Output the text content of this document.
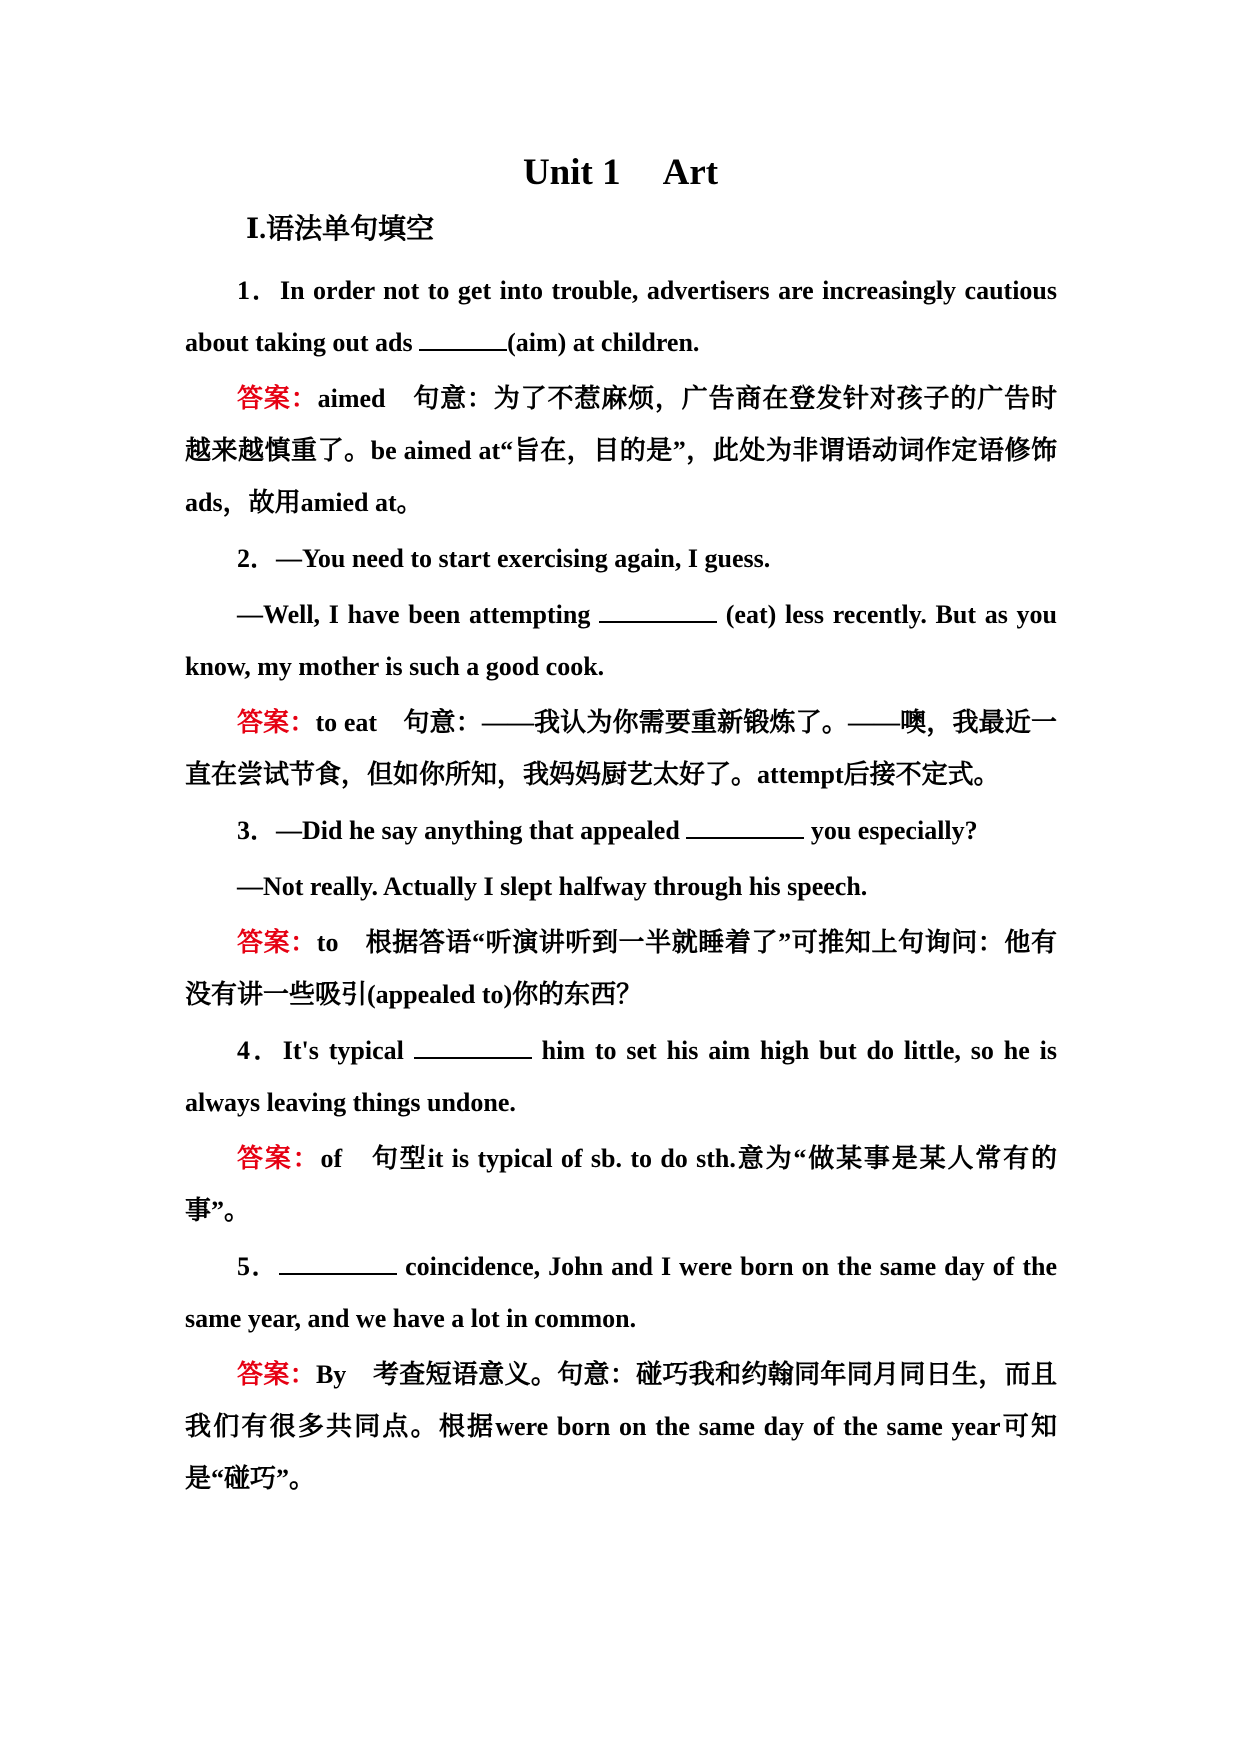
Unit 1 Art
Ⅰ.语法单句填空

1．In order not to get into trouble, advertisers are increasingly cautious about taking out ads	(aim) at children.

答案：aimed　句意：为了不惹麻烦，广告商在登发针对孩子的广告时越来越慎重了。be aimed at“旨在，目的是”，此处为非谓语动词作定语修饰ads，故用amied at。

2．—You need to start exercising again, I guess.

—Well, I have been attempting	(eat) less recently. But as you know, my mother is such a good cook.

答案：to eat　句意：——我认为你需要重新锻炼了。——噢，我最近一直在尝试节食，但如你所知，我妈妈厨艺太好了。attempt后接不定式。

3．—Did he say anything that appealed	you especially?

—Not really. Actually I slept halfway through his speech.

答案：to　根据答语“听演讲听到一半就睡着了”可推知上句询问：他有没有讲一些吸引(appealed to)你的东西？

4．It's typical	him to set his aim high but do little, so he is always leaving things undone.

答案：of　句型it is typical of sb. to do sth.意为“做某事是某人常有的事”。

5．	coincidence, John and I were born on the same day of the same year, and we have a lot in common.

答案：By　考查短语意义。句意：碰巧我和约翰同年同月同日生，而且我们有很多共同点。根据were born on the same day of the same year可知是“碰巧”。
